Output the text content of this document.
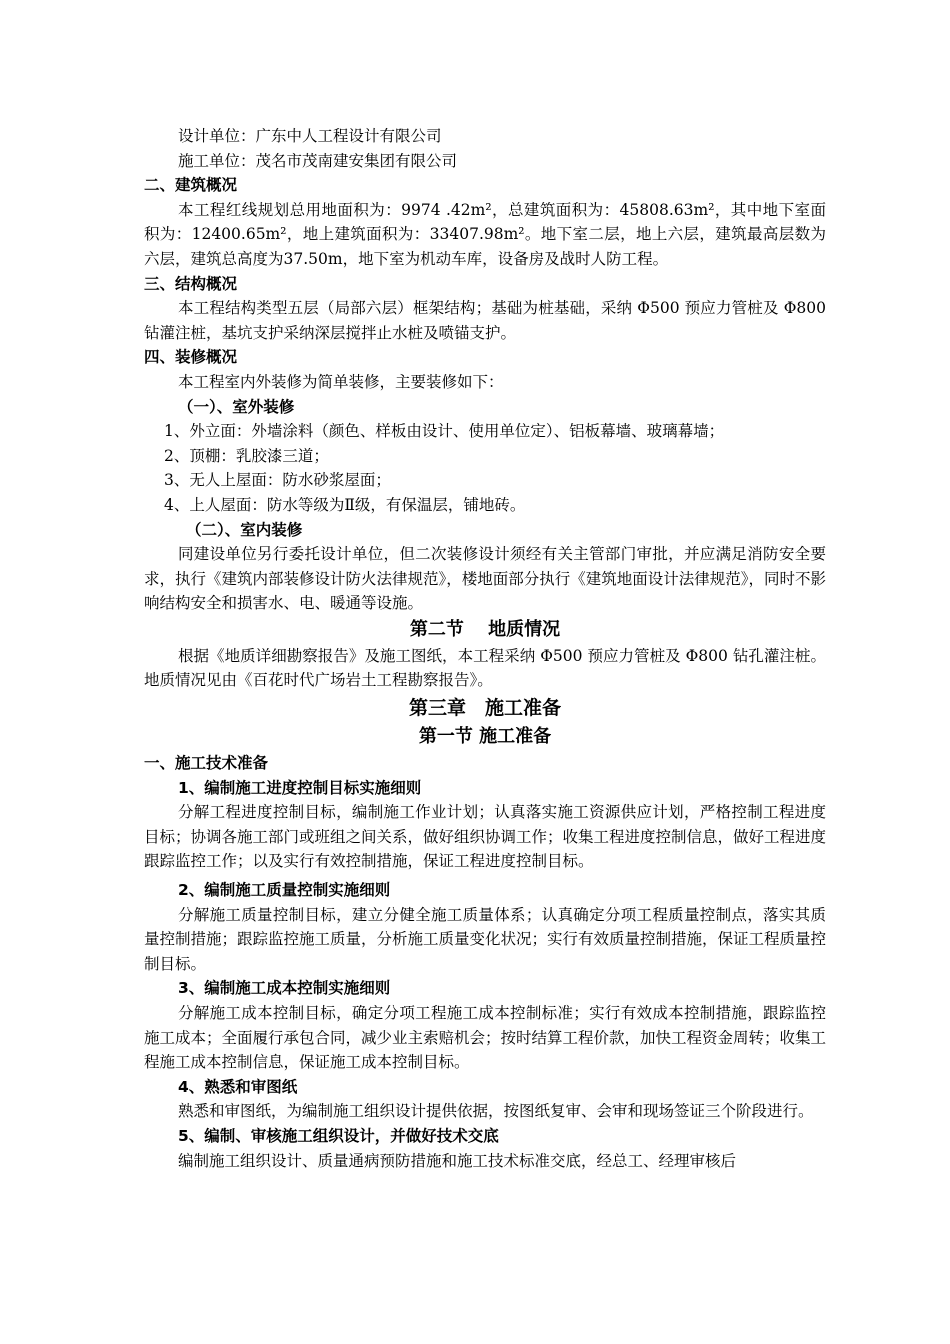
设计单位：广东中人工程设计有限公司

施工单位：茂名市茂南建安集团有限公司

二、建筑概况

本工程红线规划总用地面积为：9974 .42m²，总建筑面积为：45808.63m²，其中地下室面积为：12400.65m²，地上建筑面积为：33407.98m²。地下室二层，地上六层，建筑最高层数为六层，建筑总高度为37.50m，地下室为机动车库，设备房及战时人防工程。

三、结构概况

本工程结构类型五层（局部六层）框架结构；基础为桩基础，采纳 Φ500 预应力管桩及 Φ800 钻灌注桩，基坑支护采纳深层搅拌止水桩及喷锚支护。

四、装修概况

本工程室内外装修为简单装修，主要装修如下：

（一）、室外装修

1、外立面：外墙涂料（颜色、样板由设计、使用单位定）、铝板幕墙、玻璃幕墙；

2、顶棚：乳胶漆三道；

3、无人上屋面：防水砂浆屋面；

4、上人屋面：防水等级为Ⅱ级，有保温层，铺地砖。

（二）、室内装修

同建设单位另行委托设计单位，但二次装修设计须经有关主管部门审批，并应满足消防安全要求，执行《建筑内部装修设计防火法律规范》，楼地面部分执行《建筑地面设计法律规范》，同时不影响结构安全和损害水、电、暖通等设施。

第二节　 地质情况

根据《地质详细勘察报告》及施工图纸，本工程采纳 Φ500 预应力管桩及 Φ800 钻孔灌注桩。地质情况见由《百花时代广场岩土工程勘察报告》。

第三章　施工准备

第一节 施工准备

一、施工技术准备

1、编制施工进度控制目标实施细则

分解工程进度控制目标，编制施工作业计划；认真落实施工资源供应计划，严格控制工程进度目标；协调各施工部门或班组之间关系，做好组织协调工作；收集工程进度控制信息，做好工程进度跟踪监控工作；以及实行有效控制措施，保证工程进度控制目标。

2、编制施工质量控制实施细则

分解施工质量控制目标，建立分健全施工质量体系；认真确定分项工程质量控制点，落实其质量控制措施；跟踪监控施工质量，分析施工质量变化状况；实行有效质量控制措施，保证工程质量控制目标。

3、编制施工成本控制实施细则

分解施工成本控制目标，确定分项工程施工成本控制标准；实行有效成本控制措施，跟踪监控施工成本；全面履行承包合同，减少业主索赔机会；按时结算工程价款，加快工程资金周转；收集工程施工成本控制信息，保证施工成本控制目标。

4、熟悉和审图纸

熟悉和审图纸，为编制施工组织设计提供依据，按图纸复审、会审和现场签证三个阶段进行。

5、编制、审核施工组织设计，并做好技术交底

编制施工组织设计、质量通病预防措施和施工技术标准交底，经总工、经理审核后
